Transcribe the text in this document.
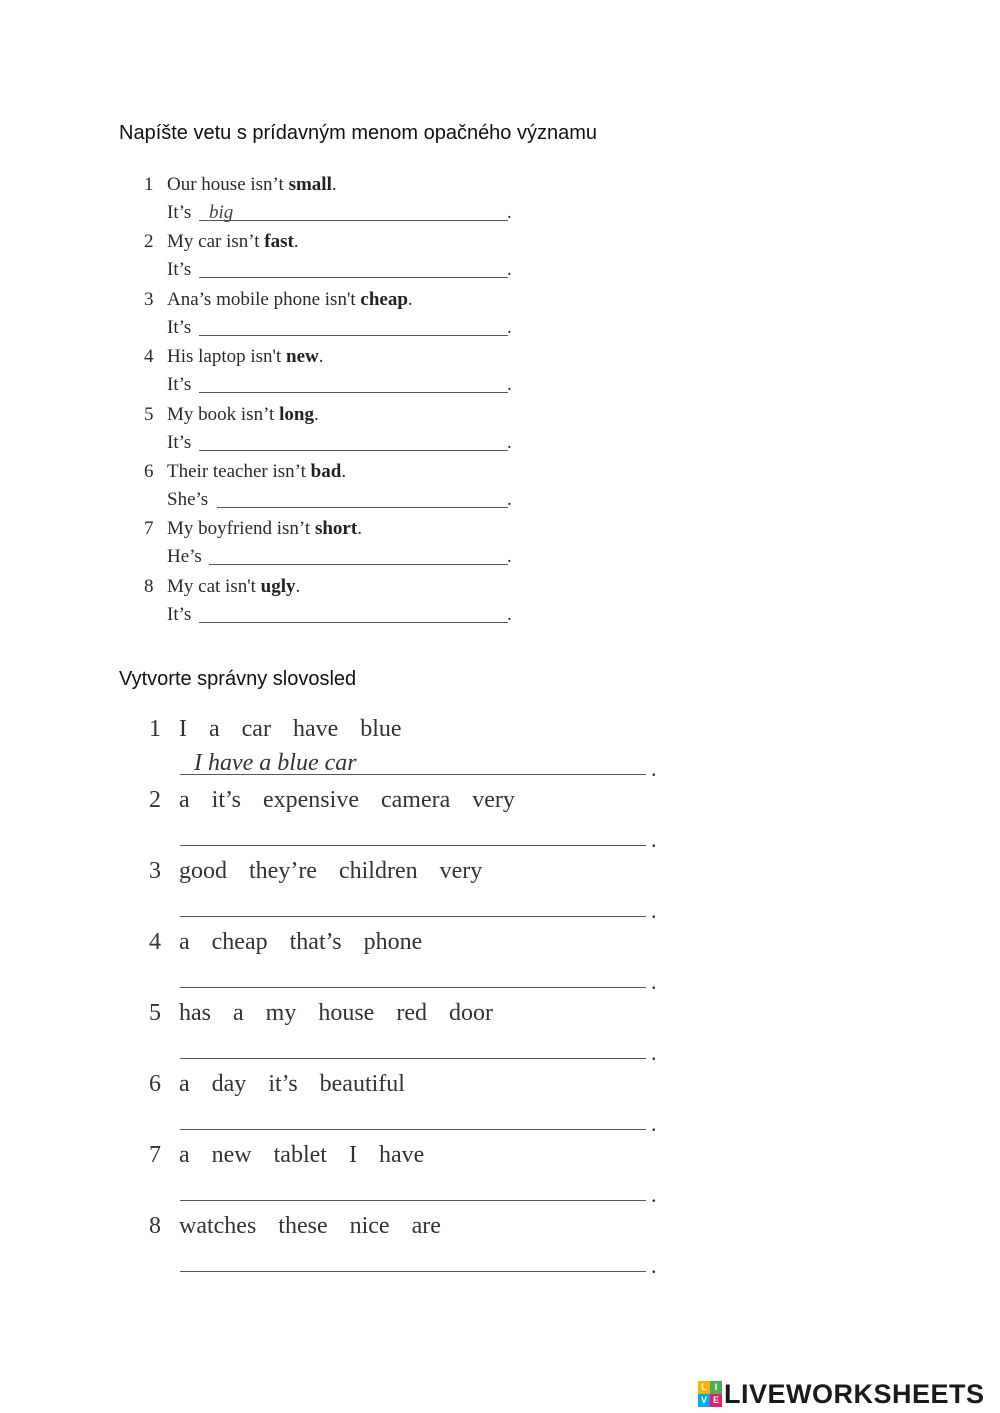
Napíšte vetu s prídavným menom opačného významu
1 Our house isn’t small.
It’s big	.
2 My car isn’t fast.
It’s	.
3 Ana’s mobile phone isn't cheap.
It’s	.
4 His laptop isn't new.
It’s	.
5 My book isn’t long.
It’s	.
6 Their teacher isn’t bad.
She’s	.
7 My boyfriend isn’t short.
He’s	.
8 My cat isn't ugly.
It’s	.
Vytvorte správny slovosled
1 I a car have blue
I have a blue car	.
2 a it’s expensive camera very
.
3 good they’re children very
.
4 a cheap that’s phone
.
5 has a my house red door
.
6 a day it’s beautiful
.
7 a new tablet I have
.
8 watches these nice are
.
L I
V E LIVEWORKSHEETS
